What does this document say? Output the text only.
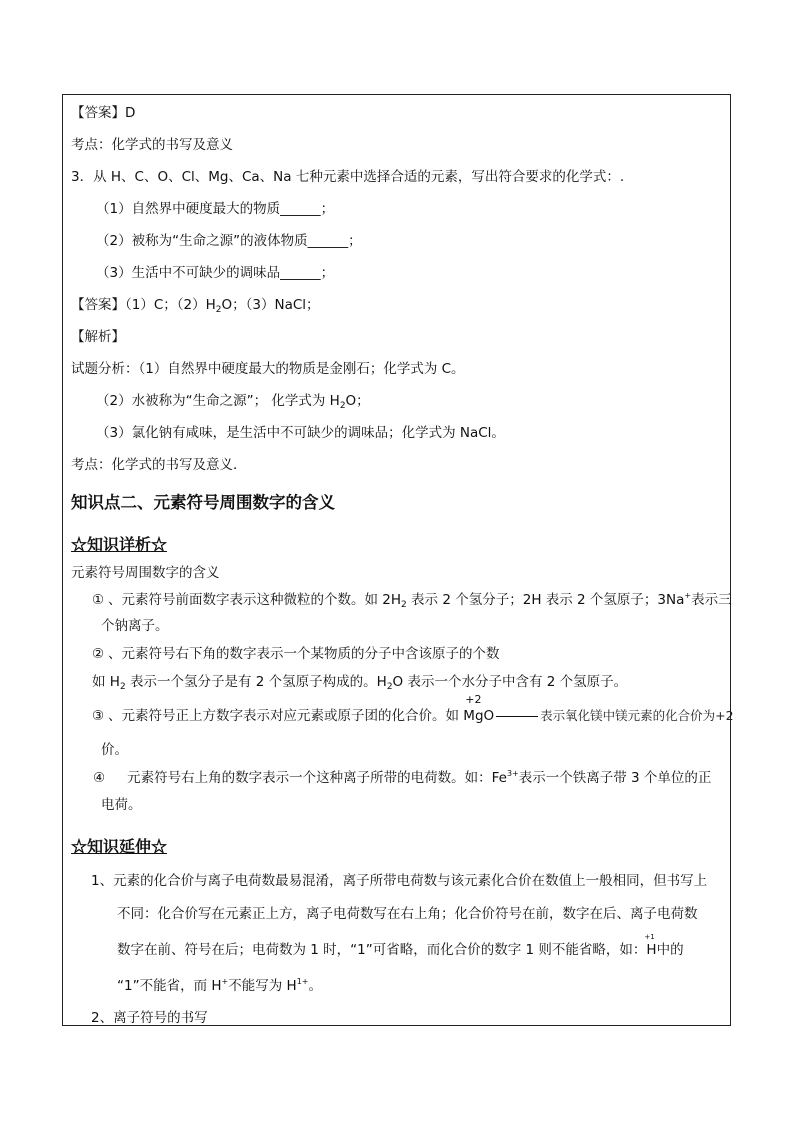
【答案】D
考点：化学式的书写及意义
3．从 H、C、O、Cl、Mg、Ca、Na 七种元素中选择合适的元素，写出符合要求的化学式：.
（1）自然界中硬度最大的物质______；
（2）被称为“生命之源”的液体物质______；
（3）生活中不可缺少的调味品______；
【答案】（1）C；$(2)H_2O$；（3）NaCl；
【解析】
试题分析：（1）自然界中硬度最大的物质是金刚石；化学式为 C。
（2）水被称为“生命之源”； 化学式为 $H_2O$；
（3）氯化钠有咸味，是生活中不可缺少的调味品；化学式为 NaCl。
考点：化学式的书写及意义．
知识点二、元素符号周围数字的含义
☆知识详析☆
元素符号周围数字的含义
① 、元素符号前面数字表示这种微粒的个数。如 $2H_2$ 表示 2 个氢分子；2H 表示 2 个氢原子；3Na+表示三
个钠离子。
② 、元素符号右下角的数字表示一个某物质的分子中含该原子的个数
如 $H_2$ 表示一个氢分子是有 2 个氢原子构成的。$H_2O$ 表示一个水分子中含有 2 个氢原子。
③ 、元素符号正上方数字表示对应元素或原子团的化合价。如
+2
MgO	表示氧化镁中镁元素的化合价为+2
价。
④ 元素符号右上角的数字表示一个这种离子所带的电荷数。如：$Fe^{3+}$表示一个铁离子带 3 个单位的正
电荷。
☆知识延伸☆
1、元素的化合价与离子电荷数最易混淆，离子所带电荷数与该元素化合价在数值上一般相同，但书写上
不同：化合价写在元素正上方，离子电荷数写在右上角；化合价符号在前，数字在后、离子电荷数
数字在前、符号在后；电荷数为 1 时，“1”可省略，而化合价的数字 1 则不能省略，如：
+1
H中的
“1”不能省，而 H+不能写为 $H^{1+}$。
2、离子符号的书写
